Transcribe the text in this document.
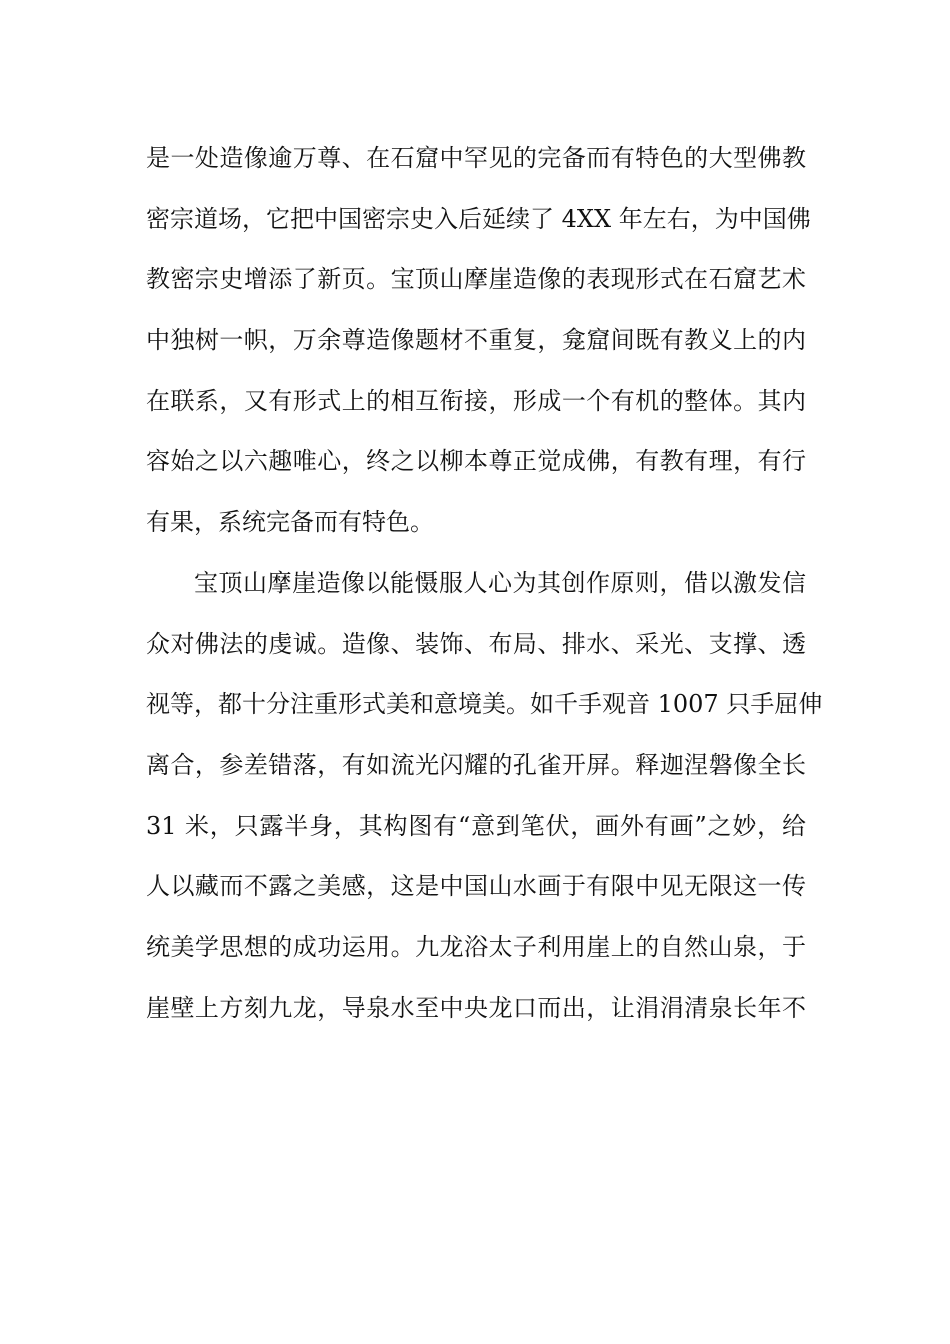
是一处造像逾万尊、在石窟中罕见的完备而有特色的大型佛教
密宗道场，它把中国密宗史入后延续了 4XX 年左右，为中国佛
教密宗史增添了新页。宝顶山摩崖造像的表现形式在石窟艺术
中独树一帜，万余尊造像题材不重复，龛窟间既有教义上的内
在联系，又有形式上的相互衔接，形成一个有机的整体。其内
容始之以六趣唯心，终之以柳本尊正觉成佛，有教有理，有行
有果，系统完备而有特色。
宝顶山摩崖造像以能慑服人心为其创作原则，借以激发信
众对佛法的虔诚。造像、装饰、布局、排水、采光、支撑、透
视等，都十分注重形式美和意境美。如千手观音 1007 只手屈伸
离合，参差错落，有如流光闪耀的孔雀开屏。释迦涅磐像全长
31 米，只露半身，其构图有“意到笔伏，画外有画”之妙，给
人以藏而不露之美感，这是中国山水画于有限中见无限这一传
统美学思想的成功运用。九龙浴太子利用崖上的自然山泉，于
崖壁上方刻九龙，导泉水至中央龙口而出，让涓涓清泉长年不
